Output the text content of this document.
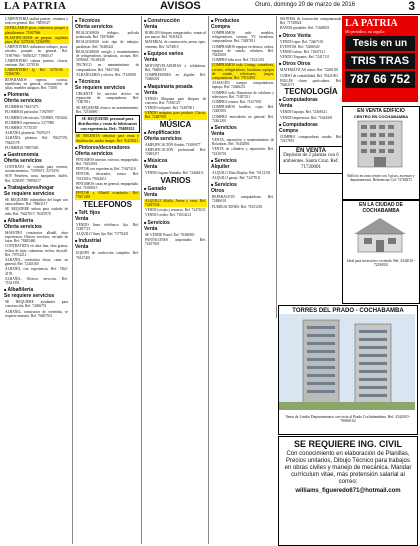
LA PATRIA	AVISOS	Oruro, domingo 20 de marzo de 2016	3
CARPINTERIA realiza puertas, ventanas y todo en general. Ref. 76850327
CEPILLAMOS pisos, enlucimos parquet y plastificamos. 71907966
PLASTIFICADOS de parquet, cepillado pisos. Ref. 5278136, 72366780
CARPINTERIA realizamos trabajos, pisos, zócalos, parquet, en general. Ref. 71907966 - 76850327, 71981617
CARPINTERO cabeza puertas, closets, ventanas. Ref. 5278136
CARPINTERO Q. Ref. 5278136 - 72366780
REPARAMOS roperos, cocinas, mueblerías en general, restauración de sillas, muebles antiguos. Ref. 73100
■ Plomería
Oferta servicios
PLOMERIA 76437473
PLOMERIA particular. 71927697
PLOMERO electricista. 7250969, 7052642
PLOMERO experiencia. 5277080
PLOMERO 71755357
ALBAÑIL plomería. 70470271
ALBAÑIL plomero. Ref. 76027370, 70425178
PLOMERIA 76857463
■ Gastronomía
Oferta servicios
CONTRATO de comida para eventos, acontecimientos. 71676671, 5276150
SOY Pastelera, torta, banquetes, buffet. Ref. 5250497, 79891017
■ Trabajadores/hogar
Se requiere servicios
SE REQUIERE trabajadora del hogar con cama adentro. Ref. 78463117
SE REQUIERE señora para cuidado de niño. Ref. 76427017, 76447070
■ Albañilería
Oferta servicios
MAESTRO constructor albañil, años experiencia. Ofrecer servicios, vaciado de losas. Ref. 78405460
CONTRATISTA en obra fina, obra gruesa, techos de tejas, calaminas, techos, drywall. Ref. 70754212
ALBAÑIL, contratista obras, casas en general. Ref. 72443165
ALBAÑIL con experiencia. Ref. 7462-4178
ALBAÑIL. Ofrezco servicios. Ref. 71621391
■ Albañilería
Se requiere servicios
SE REQUIERE ayudantes para construcción. Ref. 72466751
ALBAÑIL, constructor de viviendas, se requiere maestro. Ref. 76467501
■ Técnicos
Oferta servicios
REALIZAMOS trabajos, pelicula polarizada. Ref. 72876466
REALIZAMOS todo tipo de trabajos, parabrisas. Ref. 76405421
REALIZAMOS arreglo y mantenimiento de refrigeradores, lavadoras, cocinas. Ref. 5295661, 76148140
TECNICO en mantenimiento de computadoras. Ref. 76417402
ALBAÑILERIA y oficios. Ref. 71619001
■ Técnicos
Se requiere servicios
URGENTE Se necesita técnico en reparación de computadoras. Ref. 71807811
SE REQUIERE técnico en mantenimiento. Ref. 72316890
SE REQUIERE personal para distribución y venta de lubricantes con experiencia. Ref.: 79409352
SE NECESITA señoritas para venta y distribución, medio tiempo. Ref. 76435021
■ Pintores/decoradores
Oferta servicios
PINTAMOS interior, exterior, empapelado. Ref. 76452601
PINTOR con experiencia. Ref. 71627410
PINTOR, decorador, estuco. Ref. 76135016, 79422611
PINTAMOS casas en general, empapelado. Ref. 71658015
PINTOR y Albañil económico. Ref. 79471401
TELEFONOS
■ Telf. fijos
Venta
VENDO línea telefónica fija. Ref. 72487721
ALQUILO línea fija. Ref. 71776431
■ Industrial
Venta
EQUIPO de confección completo. Ref. 76417401
■ Construcción
Venta
ROBLON bloques compactados, ventas al por mayor. Ref. 76418211
MATERIAL de construcción, arena, ripio, cemento. Ref. 5274815
■ Equipos varios
Venta
MOTONIVELADORAS y soldadoras. Ref. 76400115
COMPRESORES en alquiler. Ref. 72466201
■ Maquinaria pesada
Venta
VENDO Maquina para bloques de concreto. Ref. 71810127
VENDO volquete. Ref. 72487001
VENDO máquina para producir Clavos. Ref. 72487001
MÚSICA
■ Amplificación
Oferta servicios
AMPLIFICACIÓN Sonido. 71656977
AMPLIFICACIÓN profesional. Ref. 72485471
■ Músicos
Venta
VENDO órgano Yamaha. Ref. 72466211
VARIOS
■ Ganado
Venta
ALQUILO Alfalfa, Avena y otros. Ref. 72467104
VENDO ovejas y terneros. Ref. 72476511
VENDO cerdos. Ref. 71654212
■ Servicios
Venta
SE VENDE Pastel. Ref. 76400501
PANTALONES importados. Ref. 72457001
■ Productos
Compra
COMPRAMOS todo muebles, refrigeradores, cocinas, TV, lavadoras, computadoras. Ref. 72487011
COMPRAMOS equipos en desuso, radios, equipos de sonido, celulares. Ref. 76420001
COMPRO leña seca. Ref. 71621451
COMPRAMOS todo: Livings, comedores, cocinas, refrigeradores, lavadoras, equipos de sonido, televisores, juegos, computadoras. Ref. 77012091
ALMACÉN compra computadoras, laptops. Ref. 72466251
COMPRO todo: Repuestos de celulares y televisores. Ref. 71657211
COMPRO retazos. Ref. 71617001
COMPRAMOS botellas, cajas. Ref. 72485001
COMPRO mercadería en general. Ref. 72461201
■ Servicios
Venta
VENTA, reparación y mantenimiento de Roladoras. Ref. 76452001
VENTA de cilindros y reparación. Ref. 72416701
■ Servicios
Alquiler
ALQUILO Data Display. Ref. 76112101
ALQUILO garaje. Ref. 72477011
■ Servicios
Otros
REPARACION computadoras. Ref. 72486101
FUMIGACIONES. Ref. 71651201
SISTEMA de facturación computarizada. Ref. 71728024
BAÑOS portátiles. Ref. 71649821
■ Otros Venta
VENDO ripio. Ref. 72467101
EVENTOS. Ref. 72466520
VENDO salsas. Ref. 71647121
VENDO Trepanos. Ref. 72417111
■ Otros Otros
MATEMÁTICAS clases. Ref. 72465101
CURSO de contabilidad. Ref. 76421001
INGLÉS clases particulares. Ref. 76402171
TECNOLOGÍA
■ Computadoras
Venta
VENDO laptops. Ref. 72466521
VENDO impresoras. Ref. 71644301
■ Computadoras
Compra
COMPRO computadoras usadas. Ref. 72417851
EN VENTA
Depósito de 2 plantas con 6 ambientes. Santa Cruz. Ref. 71720001
LA PATRIA
Mi periódico, mi orgullo
Tesis en un
TRIS TRAS
787 66 752
EN VENTA EDIFICIO
CENTRO EN COCHABAMBA
Edificio en zona centro con 5 pisos, ascensor y departamentos. Referencias Cel: 72768273
EN LA CIUDAD DE COCHABAMBA
Ideal para inversión o vivienda. Ref. 4342010 - 72290032
TORRES DEL PRADO - COCHABAMBA
Venta de Lindos Departamentos con vista al Prado Cochabambino. Ref. 4342010 - 70060102
SE REQUIERE ING. CIVIL
Con conocimiento en elaboración de Planillas, Precios unitarios, Dibujo Técnico para trabajos en obras civiles y manejo de mecánica. Mandar currículum vitae, más pretensión salarial al correo:
williams_figueredo671@hotmail.com
